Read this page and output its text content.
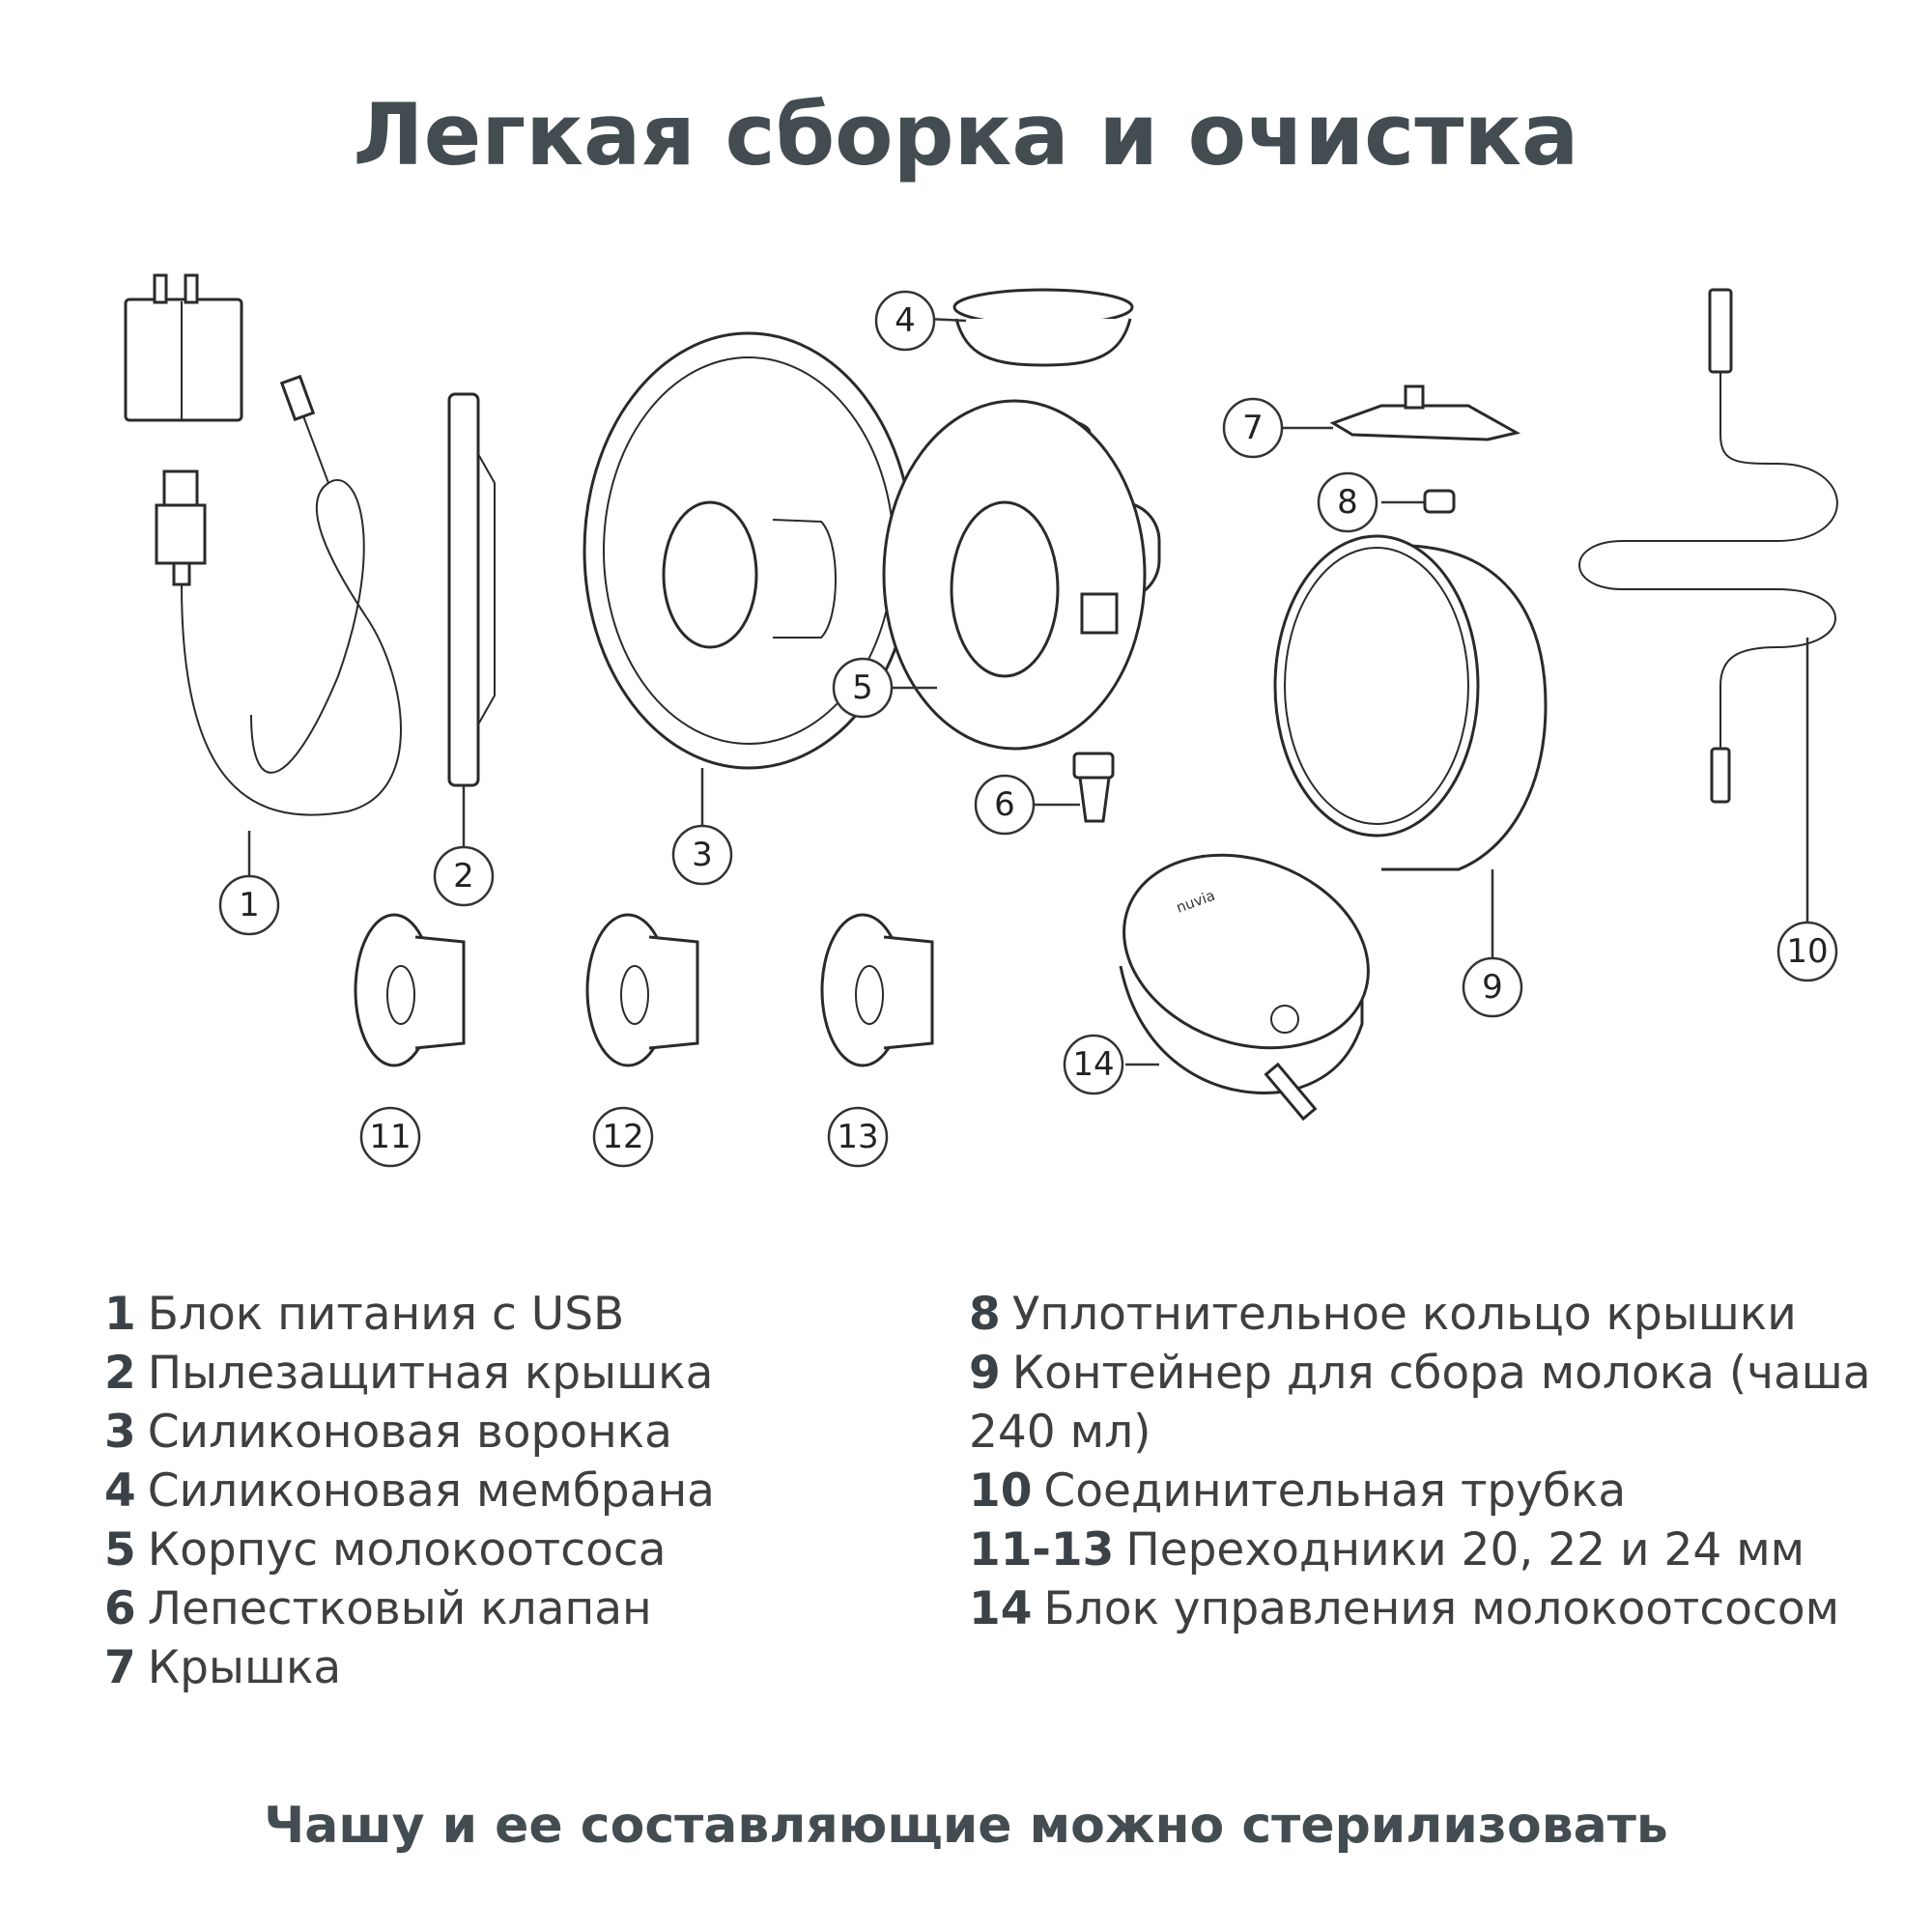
Легкая сборка и очистка
nuvia
1
2
3
4
5
6
7
8
9
10
11	12	13
14
1 Блок питания с USB
2 Пылезащитная крышка
3 Силиконовая воронка
4 Силиконовая мембрана
5 Корпус молокоотсоса
6 Лепестковый клапан
7 Крышка
8 Уплотнительное кольцо крышки
9 Контейнер для сбора молока (чаша 240 мл)
10 Соединительная трубка
11-13 Переходники 20, 22 и 24 мм
14 Блок управления молокоотсосом
Чашу и ее составляющие можно стерилизовать
